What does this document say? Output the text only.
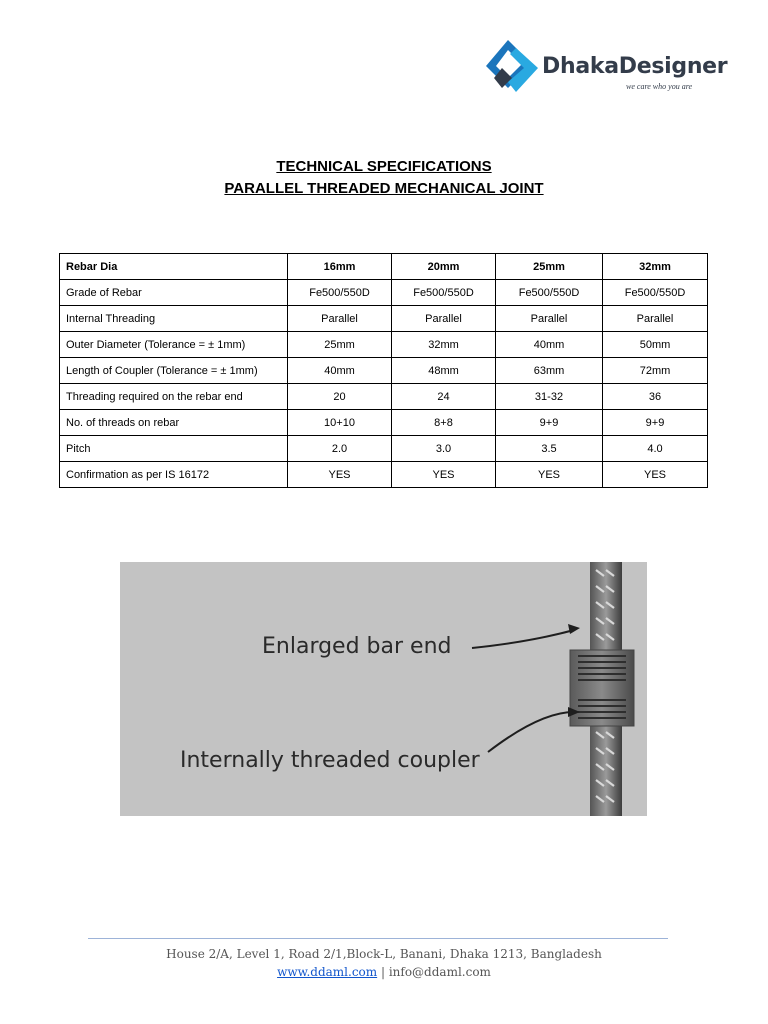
DhakaDesigner
we care who you are
TECHNICAL SPECIFICATIONS
PARALLEL THREADED MECHANICAL JOINT
Rebar Dia	16mm	20mm	25mm	32mm
Grade of Rebar	Fe500/550D	Fe500/550D	Fe500/550D	Fe500/550D
Internal Threading	Parallel	Parallel	Parallel	Parallel
Outer Diameter (Tolerance = ± 1mm)	25mm	32mm	40mm	50mm
Length of Coupler (Tolerance = ± 1mm)	40mm	48mm	63mm	72mm
Threading required on the rebar end	20	24	31-32	36
No. of threads on rebar	10+10	8+8	9+9	9+9
Pitch	2.0	3.0	3.5	4.0
Confirmation as per IS 16172	YES	YES	YES	YES
Enlarged bar end
Internally threaded coupler
House 2/A, Level 1, Road 2/1,Block-L, Banani, Dhaka 1213, Bangladesh
www.ddaml.com | info@ddaml.com
